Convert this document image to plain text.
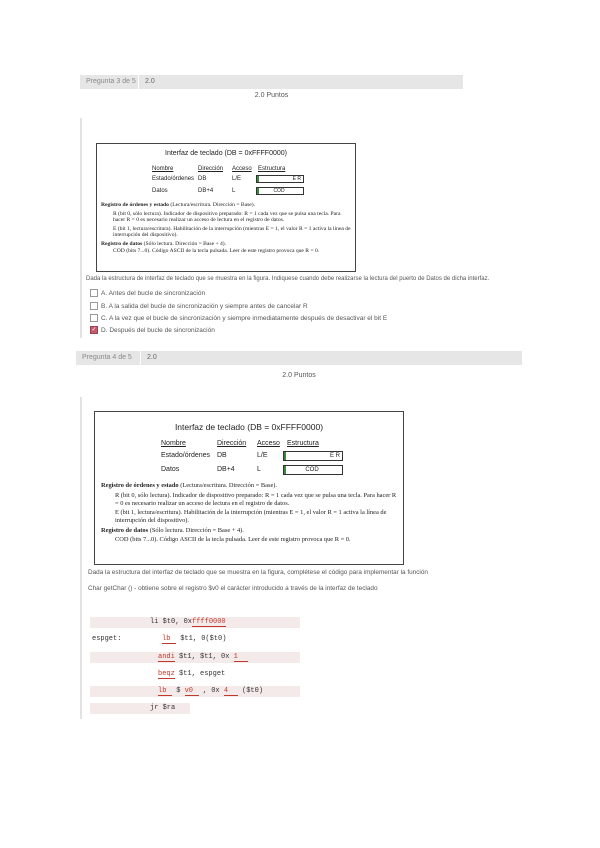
Pregunta 3 de 5	2.0
2.0 Puntos
Interfaz de teclado (DB = 0xFFFF0000)
Nombre	Dirección Acceso Estructura
Estado/órdenes DB	L/E	E R
Datos	DB+4	L	COD
Registro de órdenes y estado (Lectura/escritura. Dirección = Base).
R (bit 0, sólo lectura). Indicador de dispositivo preparado: R = 1 cada vez que se pulsa una tecla. Para hacer R = 0 es necesario realizar un acceso de lectura en el registro de datos.
E (bit 1, lectura/escritura). Habilitación de la interrupción (mientras E = 1, el valor R = 1 activa la línea de interrupción del dispositivo).
Registro de datos (Sólo lectura. Dirección = Base + 4).
COD (bits 7...0). Código ASCII de la tecla pulsada. Leer de este registro provoca que R = 0.
Dada la estructura de interfaz de teclado que se muestra en la figura. Indiquese cuando debe realizarse la lectura del puerto de Datos de dicha interfaz.
A. Antes del bucle de sincronización
B. A la salida del bucle de sincronización y siempre antes de cancelar R
C. A la vez que el bucle de sincronización y siempre inmediatamente después de desactivar el bit E
✓D. Después del bucle de sincronización
Pregunta 4 de 5	2.0
2.0 Puntos
Interfaz de teclado (DB = 0xFFFF0000)
Nombre	Dirección Acceso Estructura
Estado/órdenes DB	L/E	E R
Datos	DB+4	L	COD
Registro de órdenes y estado (Lectura/escritura. Dirección = Base).
R (bit 0, sólo lectura). Indicador de dispositivo preparado: R = 1 cada vez que se pulsa una tecla. Para hacer R = 0 es necesario realizar un acceso de lectura en el registro de datos.
E (bit 1, lectura/escritura). Habilitación de la interrupción (mientras E = 1, el valor R = 1 activa la línea de interrupción del dispositivo).
Registro de datos (Sólo lectura. Dirección = Base + 4).
COD (bits 7...0). Código ASCII de la tecla pulsada. Leer de este registro provoca que R = 0.
Dada la estructura del interfaz de teclado que se muestra en la figura, complétese el código para implementar la función
Char getChar () - obtiene sobre el registro $v0 el carácter introducido a través de la interfaz de teclado
li $t0, 0xffff0000
espget:	lb $t1, 0($t0)
andi $t1, $t1, 0x 1
beqz $t1, espget
lb $ v0 , 0x 4 ($t0)
jr $ra
